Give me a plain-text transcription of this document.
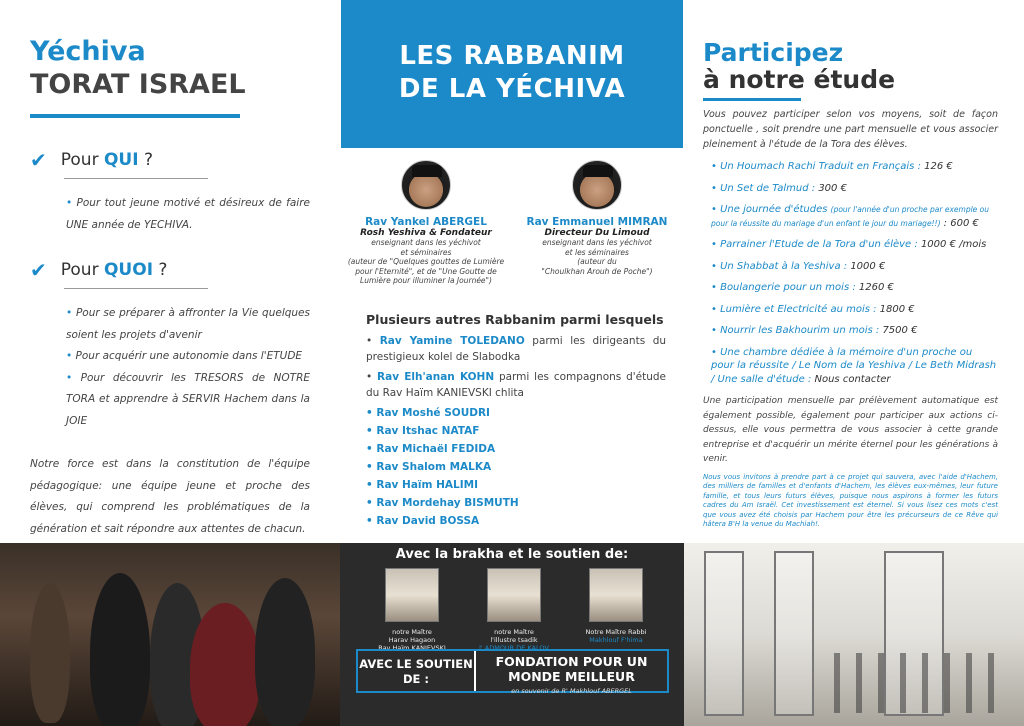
Yéchiva
TORAT ISRAEL
✔ Pour QUI ?
• Pour tout jeune motivé et désireux de faire UNE année de YECHIVA.
✔ Pour QUOI ?

• Pour se préparer à affronter la Vie quelques soient les projets d'avenir

• Pour acquérir une autonomie dans l'ETUDE

• Pour découvrir les TRESORS de NOTRE TORA et apprendre à SERVIR Hachem dans la JOIE

Notre force est dans la constitution de l'équipe pédagogique: une équipe jeune et proche des élèves, qui comprend les problématiques de la génération et sait répondre aux attentes de chacun.

LES RABBANIM
DE LA YÉCHIVA
Rav Yankel ABERGEL
Rosh Yeshiva & Fondateur
enseignant dans les yéchivot
et séminaires
(auteur de "Quelques gouttes de Lumière
pour l'Eternité", et de "Une Goutte de
Lumière pour illuminer la Journée")
Rav Emmanuel MIMRAN
Directeur Du Limoud
enseignant dans les yéchivot
et les séminaires
(auteur du
"Choulkhan Arouh de Poche")
Plusieurs autres Rabbanim parmi lesquels
• Rav Yamine TOLEDANO parmi les dirigeants du prestigieux kolel de Slabodka
• Rav Elh'anan KOHN parmi les compagnons d'étude du Rav Haïm KANIEVSKI chlita
• Rav Moshé SOUDRI
• Rav Itshac NATAF
• Rav Michaël FEDIDA
• Rav Shalom MALKA
• Rav Haïm HALIMI
• Rav Mordehay BISMUTH
• Rav David BOSSA
Participez
à notre étude

Vous pouvez participer selon vos moyens, soit de façon ponctuelle , soit prendre une part mensuelle et vous associer pleinement à l'étude de la Tora des élèves.

• Un Houmach Rachi Traduit en Français : 126 €
• Un Set de Talmud : 300 €
• Une journée d'études (pour l'année d'un proche par exemple ou pour la réussite du mariage d'un enfant le jour du mariage!!) : 600 €
• Parrainer l'Etude de la Tora d'un élève : 1000 € /mois
• Un Shabbat à la Yeshiva : 1000 €
• Boulangerie pour un mois : 1260 €
• Lumière et Electricité au mois : 1800 €
• Nourrir les Bakhourim un mois : 7500 €
• Une chambre dédiée à la mémoire d'un proche ou pour la réussite / Le Nom de la Yeshiva / Le Beth Midrash / Une salle d'étude : Nous contacter

Une participation mensuelle par prélèvement automatique est également possible, également pour participer aux actions ci-dessus, elle vous permettra de vous associer à cette grande entreprise et d'acquérir un mérite éternel pour les générations à venir.

Nous vous invitons à prendre part à ce projet qui sauvera, avec l'aide d'Hachem, des milliers de familles et d'enfants d'Hachem, les élèves eux-mêmes, leur future famille, et tous leurs futurs élèves, puisque nous aspirons à former les futurs cadres du Am Israël. Cet investissement est éternel. Si vous lisez ces mots c'est que vous avez été choisis par Hachem pour être les précurseurs de ce Rêve qui hâtera B'H la venue du Machiah!.

Avec la brakha et le soutien de:
notre Maître
Harav Hagaon
Rav Haïm KANIEVSKI
notre Maître
l'illustre tsadik
l' ADMOUR DE KALOV
Notre Maître Rabbi
Makhlouf F'hima
AVEC LE SOUTIEN DE :
FONDATION POUR UN MONDE MEILLEUR
en souvenir de R' Makhlouf ABERGEL
